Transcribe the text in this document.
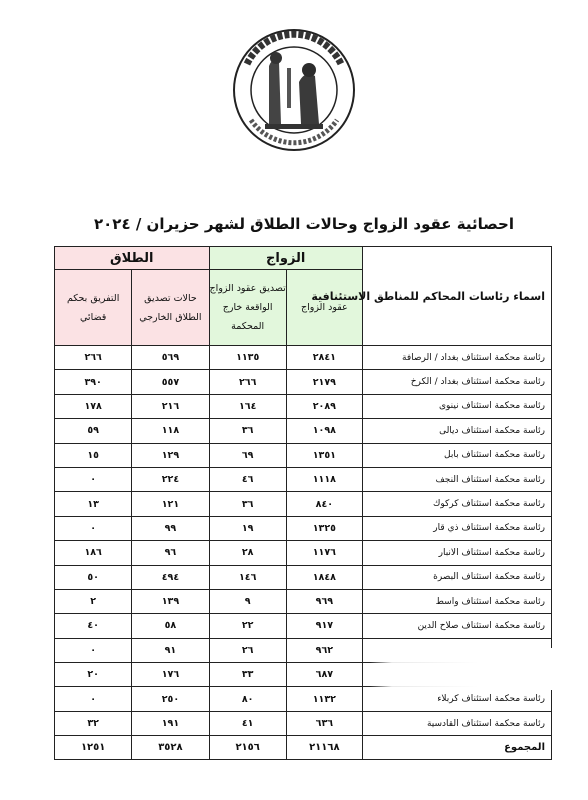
احصائية عقود الزواج وحالات الطلاق لشهر حزيران / ٢٠٢٤
اسماء رئاسات المحاكم للمناطق الاستئنافية	الزواج		الطلاق	
	عقود الزواج	تصديق عقود الزواج الواقعة خارج المحكمة	حالات تصديق الطلاق الخارجي	التفريق بحكم قضائي
رئاسة محكمة استئناف بغداد / الرصافة	٢٨٤١	١١٣٥	٥٦٩	٢٦٦
رئاسة محكمة استئناف بغداد / الكرخ	٢١٧٩	٢٦٦	٥٥٧	٣٩٠
رئاسة محكمة استئناف نينوى	٢٠٨٩	١٦٤	٢١٦	١٧٨
رئاسة محكمة استئناف ديالى	١٠٩٨	٣٦	١١٨	٥٩
رئاسة محكمة استئناف بابل	١٣٥١	٦٩	١٢٩	١٥
رئاسة محكمة استئناف النجف	١١١٨	٤٦	٢٢٤	٠
رئاسة محكمة استئناف كركوك	٨٤٠	٣٦	١٢١	١٣
رئاسة محكمة استئناف ذي قار	١٣٢٥	١٩	٩٩	٠
رئاسة محكمة استئناف الانبار	١١٧٦	٢٨	٩٦	١٨٦
رئاسة محكمة استئناف البصرة	١٨٤٨	١٤٦	٤٩٤	٥٠
رئاسة محكمة استئناف واسط	٩٦٩	٩	١٣٩	٢
رئاسة محكمة استئناف صلاح الدين	٩١٧	٢٢	٥٨	٤٠
	٩٦٢	٢٦	٩١	٠
	٦٨٧	٣٣	١٧٦	٢٠
رئاسة محكمة استئناف كربلاء	١١٣٢	٨٠	٢٥٠	٠
رئاسة محكمة استئناف القادسية	٦٣٦	٤١	١٩١	٣٢
المجموع	٢١١٦٨	٢١٥٦	٣٥٢٨	١٢٥١
